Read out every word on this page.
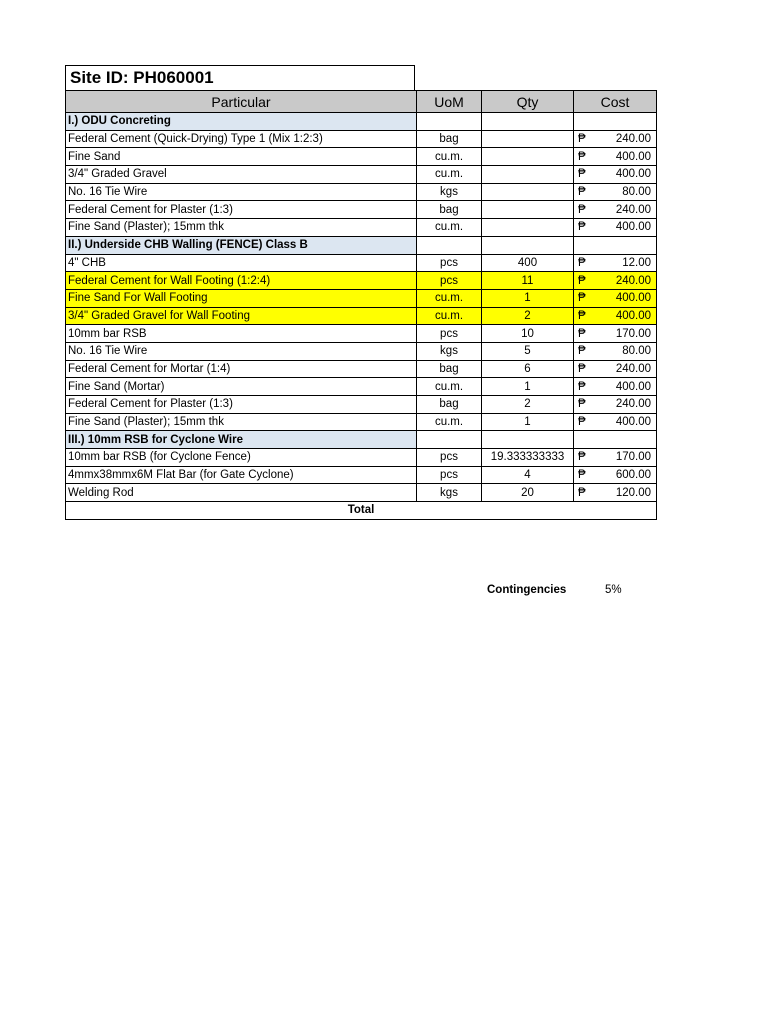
Site ID: PH060001
Particular	UoM	Qty	Cost
I.) ODU Concreting			
Federal Cement (Quick-Drying) Type 1 (Mix 1:2:3)	bag		₱ 240.00

Fine Sand	cu.m.		₱ 400.00

3/4" Graded Gravel	cu.m.		₱ 400.00

No. 16 Tie Wire	kgs		₱ 80.00

Federal Cement for Plaster (1:3)	bag		₱ 240.00

Fine Sand (Plaster); 15mm thk	cu.m.		₱ 400.00

II.) Underside CHB Walling (FENCE) Class B			
4" CHB	pcs	400	₱ 12.00

Federal Cement for Wall Footing (1:2:4)	pcs	11	₱ 240.00

Fine Sand For Wall Footing	cu.m.	1	₱ 400.00

3/4" Graded Gravel for Wall Footing	cu.m.	2	₱ 400.00

10mm bar RSB	pcs	10	₱ 170.00

No. 16 Tie Wire	kgs	5	₱ 80.00

Federal Cement for Mortar (1:4)	bag	6	₱ 240.00

Fine Sand (Mortar)	cu.m.	1	₱ 400.00

Federal Cement for Plaster (1:3)	bag	2	₱ 240.00

Fine Sand (Plaster); 15mm thk	cu.m.	1	₱ 400.00

III.) 10mm RSB for Cyclone Wire			
10mm bar RSB (for Cyclone Fence)	pcs	19.333333333	₱ 170.00

4mmx38mmx6M Flat Bar (for Gate Cyclone)	pcs	4	₱ 600.00

Welding Rod	kgs	20	₱ 120.00

Total			
Contingencies	5%
